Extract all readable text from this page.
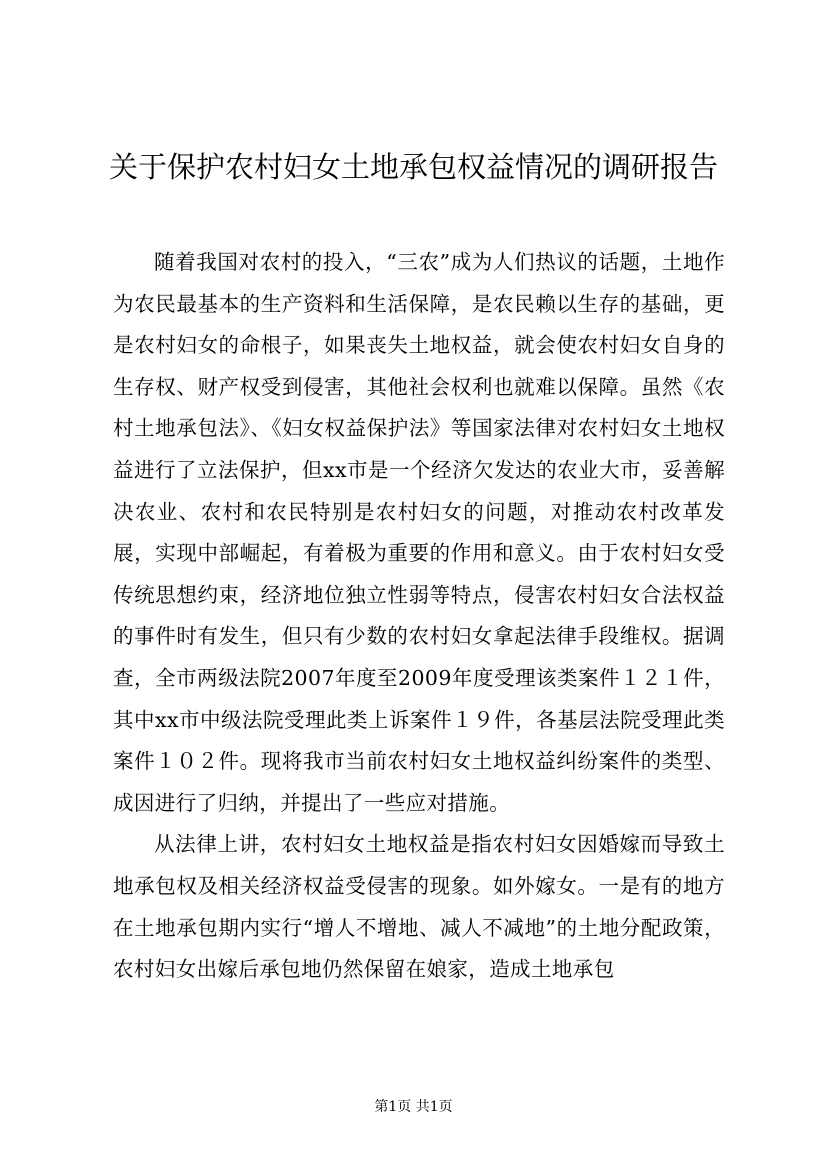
关于保护农村妇女土地承包权益情况的调研报告

随着我国对农村的投入，“三农”成为人们热议的话题，土地作为农民最基本的生产资料和生活保障，是农民赖以生存的基础，更是农村妇女的命根子，如果丧失土地权益，就会使农村妇女自身的生存权、财产权受到侵害，其他社会权利也就难以保障。虽然《农村土地承包法》、《妇女权益保护法》等国家法律对农村妇女土地权益进行了立法保护，但xx市是一个经济欠发达的农业大市，妥善解决农业、农村和农民特别是农村妇女的问题，对推动农村改革发展，实现中部崛起，有着极为重要的作用和意义。由于农村妇女受传统思想约束，经济地位独立性弱等特点，侵害农村妇女合法权益的事件时有发生，但只有少数的农村妇女拿起法律手段维权。据调查，全市两级法院2007年度至2009年度受理该类案件１２１件，其中xx市中级法院受理此类上诉案件１９件，各基层法院受理此类案件１０２件。现将我市当前农村妇女土地权益纠纷案件的类型、成因进行了归纳，并提出了一些应对措施。

从法律上讲，农村妇女土地权益是指农村妇女因婚嫁而导致土地承包权及相关经济权益受侵害的现象。如外嫁女。一是有的地方在土地承包期内实行“增人不增地、减人不减地”的土地分配政策，农村妇女出嫁后承包地仍然保留在娘家，造成土地承包

第1页 共1页
